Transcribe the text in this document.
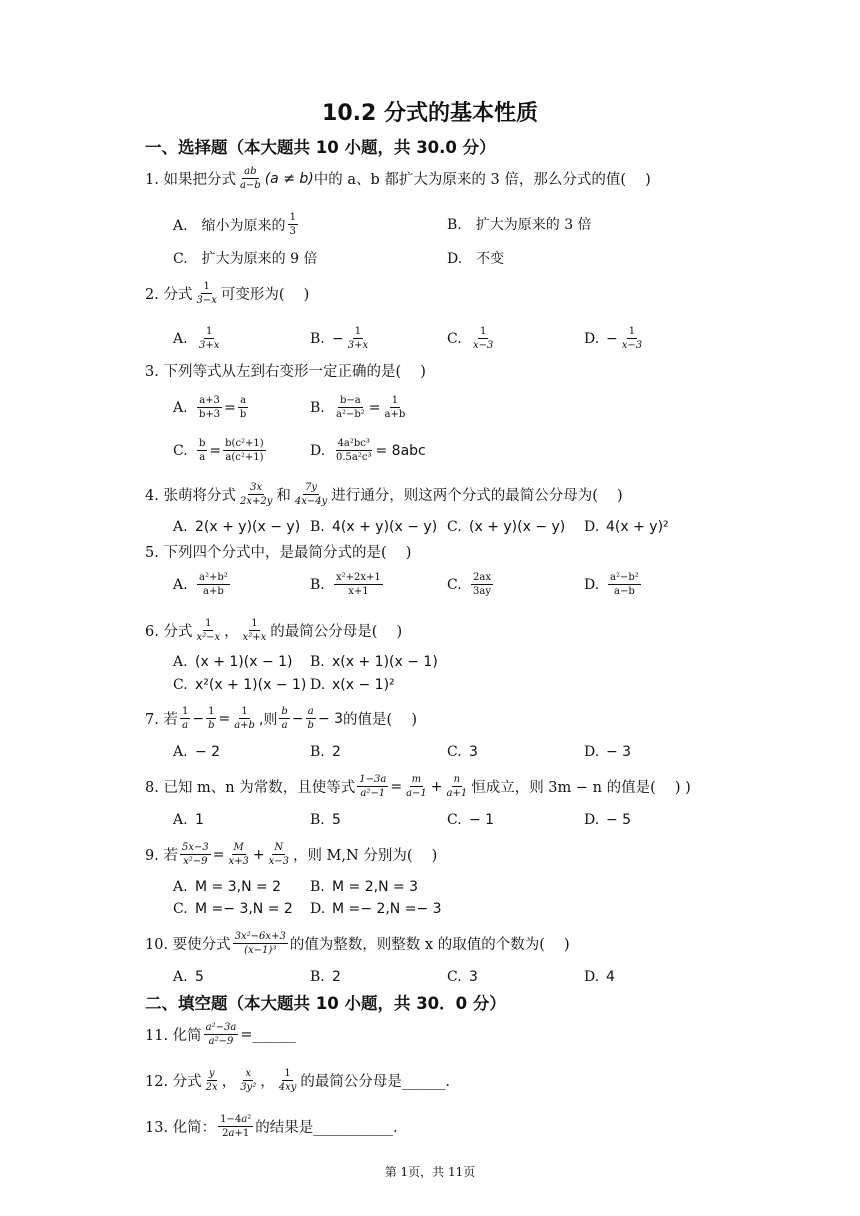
10.2 分式的基本性质
一、选择题（本大题共 10 小题，共 30.0 分）
1. 如果把分式 $\frac{ab}{a-b} (a \ne b)$ 中的 a、b 都扩大为原来的 3 倍，那么分式的值(　 )
A.　缩小为原来的 $\frac{1}{3}$	B.　扩大为原来的 3 倍
C.　扩大为原来的 9 倍	D.　不变
2. 分式 $\frac{1}{3-x}$ 可变形为(　 )
A. $\frac{1}{3+x}$	B. − $\frac{1}{3+x}$	C. $\frac{1}{x-3}$	D. − $\frac{1}{x-3}$
3. 下列等式从左到右变形一定正确的是(　 )
A. $\frac{a+3}{b+3} = \frac{a}{b}$	B. $\frac{b-a}{\text{a²−b²}} = \frac{1}{a+b}$
C. $\frac{b}{a} = \frac{\text{b(c²+1)}}{\text{a(c²+1)}}$	D. $\frac{\text{4a²bc³}}{\text{0.5a²c³}} = 8abc$
4. 张萌将分式 $\frac{3x}{2x+2y}$ 和 $\frac{7y}{4x-4y}$ 进行通分，则这两个分式的最简公分母为(　 )
A. 2(x + y)(x − y) B. 4(x + y)(x − y) C. (x + y)(x − y) D. 4(x + y)²
5. 下列四个分式中，是最简分式的是(　 )
A. $\frac{\text{a²+b²}}{a+b}$	B. $\frac{\text{x²+2x+1}}{x+1}$	C. $\frac{2ax}{3ay}$	D. $\frac{\text{a²−b²}}{a-b}$
6. 分式 $\frac{1}{\text{x²−x}}$ ， $\frac{1}{\text{x²+x}}$ 的最简公分母是(　 )
A. (x + 1)(x − 1) B. x(x + 1)(x − 1)
C. x²(x + 1)(x − 1) D. x(x − 1)²
7. 若 $\frac{1}{a} - \frac{1}{b} = \frac{1}{a+b}$ ,则 $\frac{b}{a} - \frac{a}{b} - 3$ 的值是(　 )
A. − 2	B. 2	C. 3	D. − 3
8. 已知 m、n 为常数，且使等式 $\frac{1-3a}{\text{a²−1}} = \frac{m}{a-1} + \frac{n}{a+1}$ 恒成立，则 3m − n 的值是(　 ) )
A. 1	B. 5	C. − 1	D. − 5
9. 若 $\frac{5x-3}{\text{x²−9}} = \frac{M}{x+3} + \frac{N}{x-3}$ ，则 M,N 分别为(　 )
A. M = 3,N = 2 B. M = 2,N = 3
C. M =− 3,N = 2 D. M =− 2,N =− 3
10. 要使分式 $\frac{\text{3x²−6x+3}}{\text{(x−1)³}}$ 的值为整数，则整数 x 的取值的个数为(　 )
A. 5	B. 2	C. 3	D. 4
二、填空题（本大题共 10 小题，共 30．0 分）
11. 化简 $\frac{\text{a²−3a}}{\text{a²−9}}$ =______
12. 分式 $\frac{y}{2x}$ ， $\frac{x}{\text{3y²}}$ ， $\frac{1}{4xy}$ 的最简公分母是______.
13. 化简： $\frac{\text{1−4a²}}{2a+1}$ 的结果是___________.
第 1页，共 11页
